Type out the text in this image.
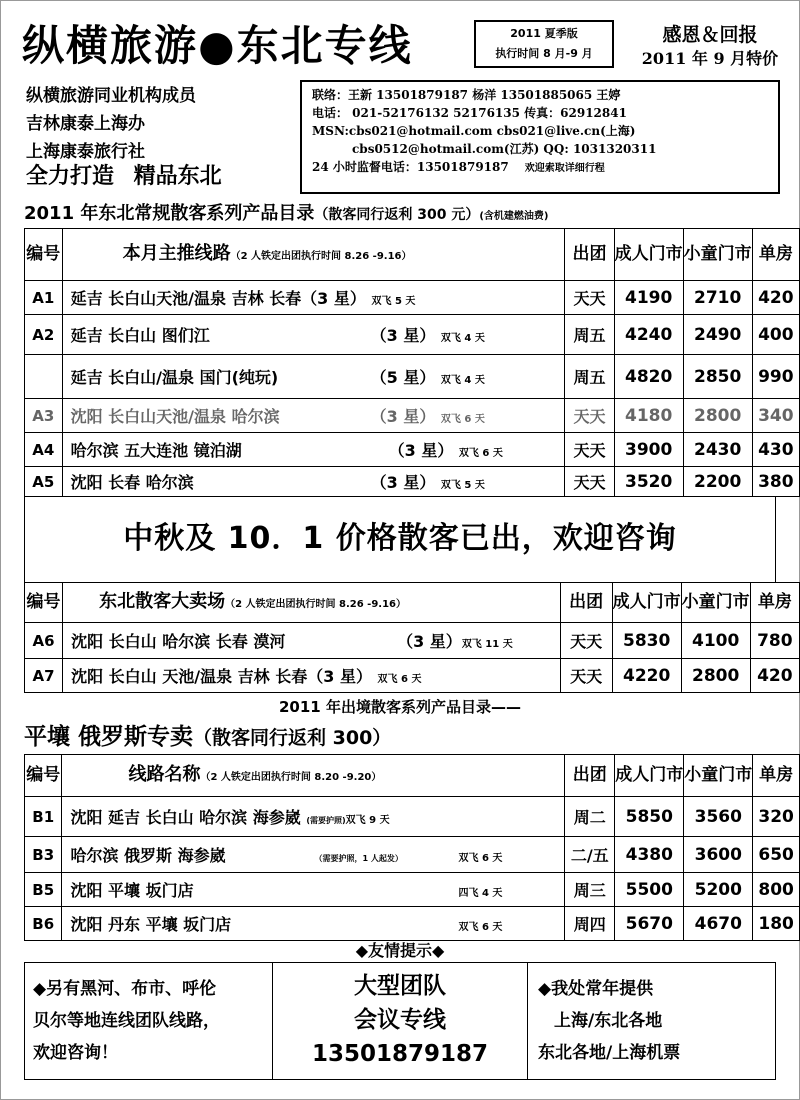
纵横旅游●东北专线	2011 夏季版
执行时间 8 月-9 月
感恩＆回报
2011 年 9 月特价
纵横旅游同业机构成员
吉林康泰上海办
上海康泰旅行社
全力打造 精品东北
联络：王新 13501879187 杨洋 13501885065 王婷
电话： 021-52176132 52176135 传真：62912841
MSN:cbs021@hotmail.com cbs021@live.cn(上海)
cbs0512@hotmail.com(江苏) QQ: 1031320311
24 小时监督电话：13501879187 欢迎索取详细行程
2011 年东北常规散客系列产品目录（散客同行返利 300 元）(含机建燃油费)
编号	本月主推线路（2 人铁定出团执行时间 8.26 -9.16）	出团	成人门市	小童门市	单房
A1	延吉 长白山天池/温泉 吉林 长春（3 星） 双飞 5 天	天天	4190	2710	420
A2	延吉 长白山 图们江 （3 星） 双飞 4 天	周五	4240	2490	400
	延吉 长白山/温泉 国门(纯玩) （5 星） 双飞 4 天	周五	4820	2850	990
A3	沈阳 长白山天池/温泉 哈尔滨 （3 星） 双飞 6 天	天天	4180	2800	340
A4	哈尔滨 五大连池 镜泊湖 （3 星） 双飞 6 天	天天	3900	2430	430
A5	沈阳 长春 哈尔滨 （3 星） 双飞 5 天	天天	3520	2200	380
中秋及 10．1 价格散客已出，欢迎咨询
编号	东北散客大卖场（2 人铁定出团执行时间 8.26 -9.16）	出团	成人门市	小童门市	单房
A6	沈阳 长白山 哈尔滨 长春 漠河 （3 星）双飞 11 天	天天	5830	4100	780
A7	沈阳 长白山 天池/温泉 吉林 长春（3 星） 双飞 6 天	天天	4220	2800	420
2011 年出境散客系列产品目录——
平壤 俄罗斯专卖（散客同行返利 300）
编号	线路名称（2 人铁定出团执行时间 8.20 -9.20）	出团	成人门市	小童门市	单房
B1	沈阳 延吉 长白山 哈尔滨 海参崴 (需要护照)双飞 9 天	周二	5850	3560	320
B3	哈尔滨 俄罗斯 海参崴 （需要护照，1 人起发） 双飞 6 天	二/五	4380	3600	650
B5	沈阳 平壤 坂门店 四飞 4 天	周三	5500	5200	800
B6	沈阳 丹东 平壤 坂门店 双飞 6 天	周四	5670	4670	180
◆友情提示◆
◆另有黑河、布市、呼伦
贝尔等地连线团队线路，
欢迎咨询！
大型团队
会议专线
13501879187
◆我处常年提供
上海/东北各地
东北各地/上海机票
